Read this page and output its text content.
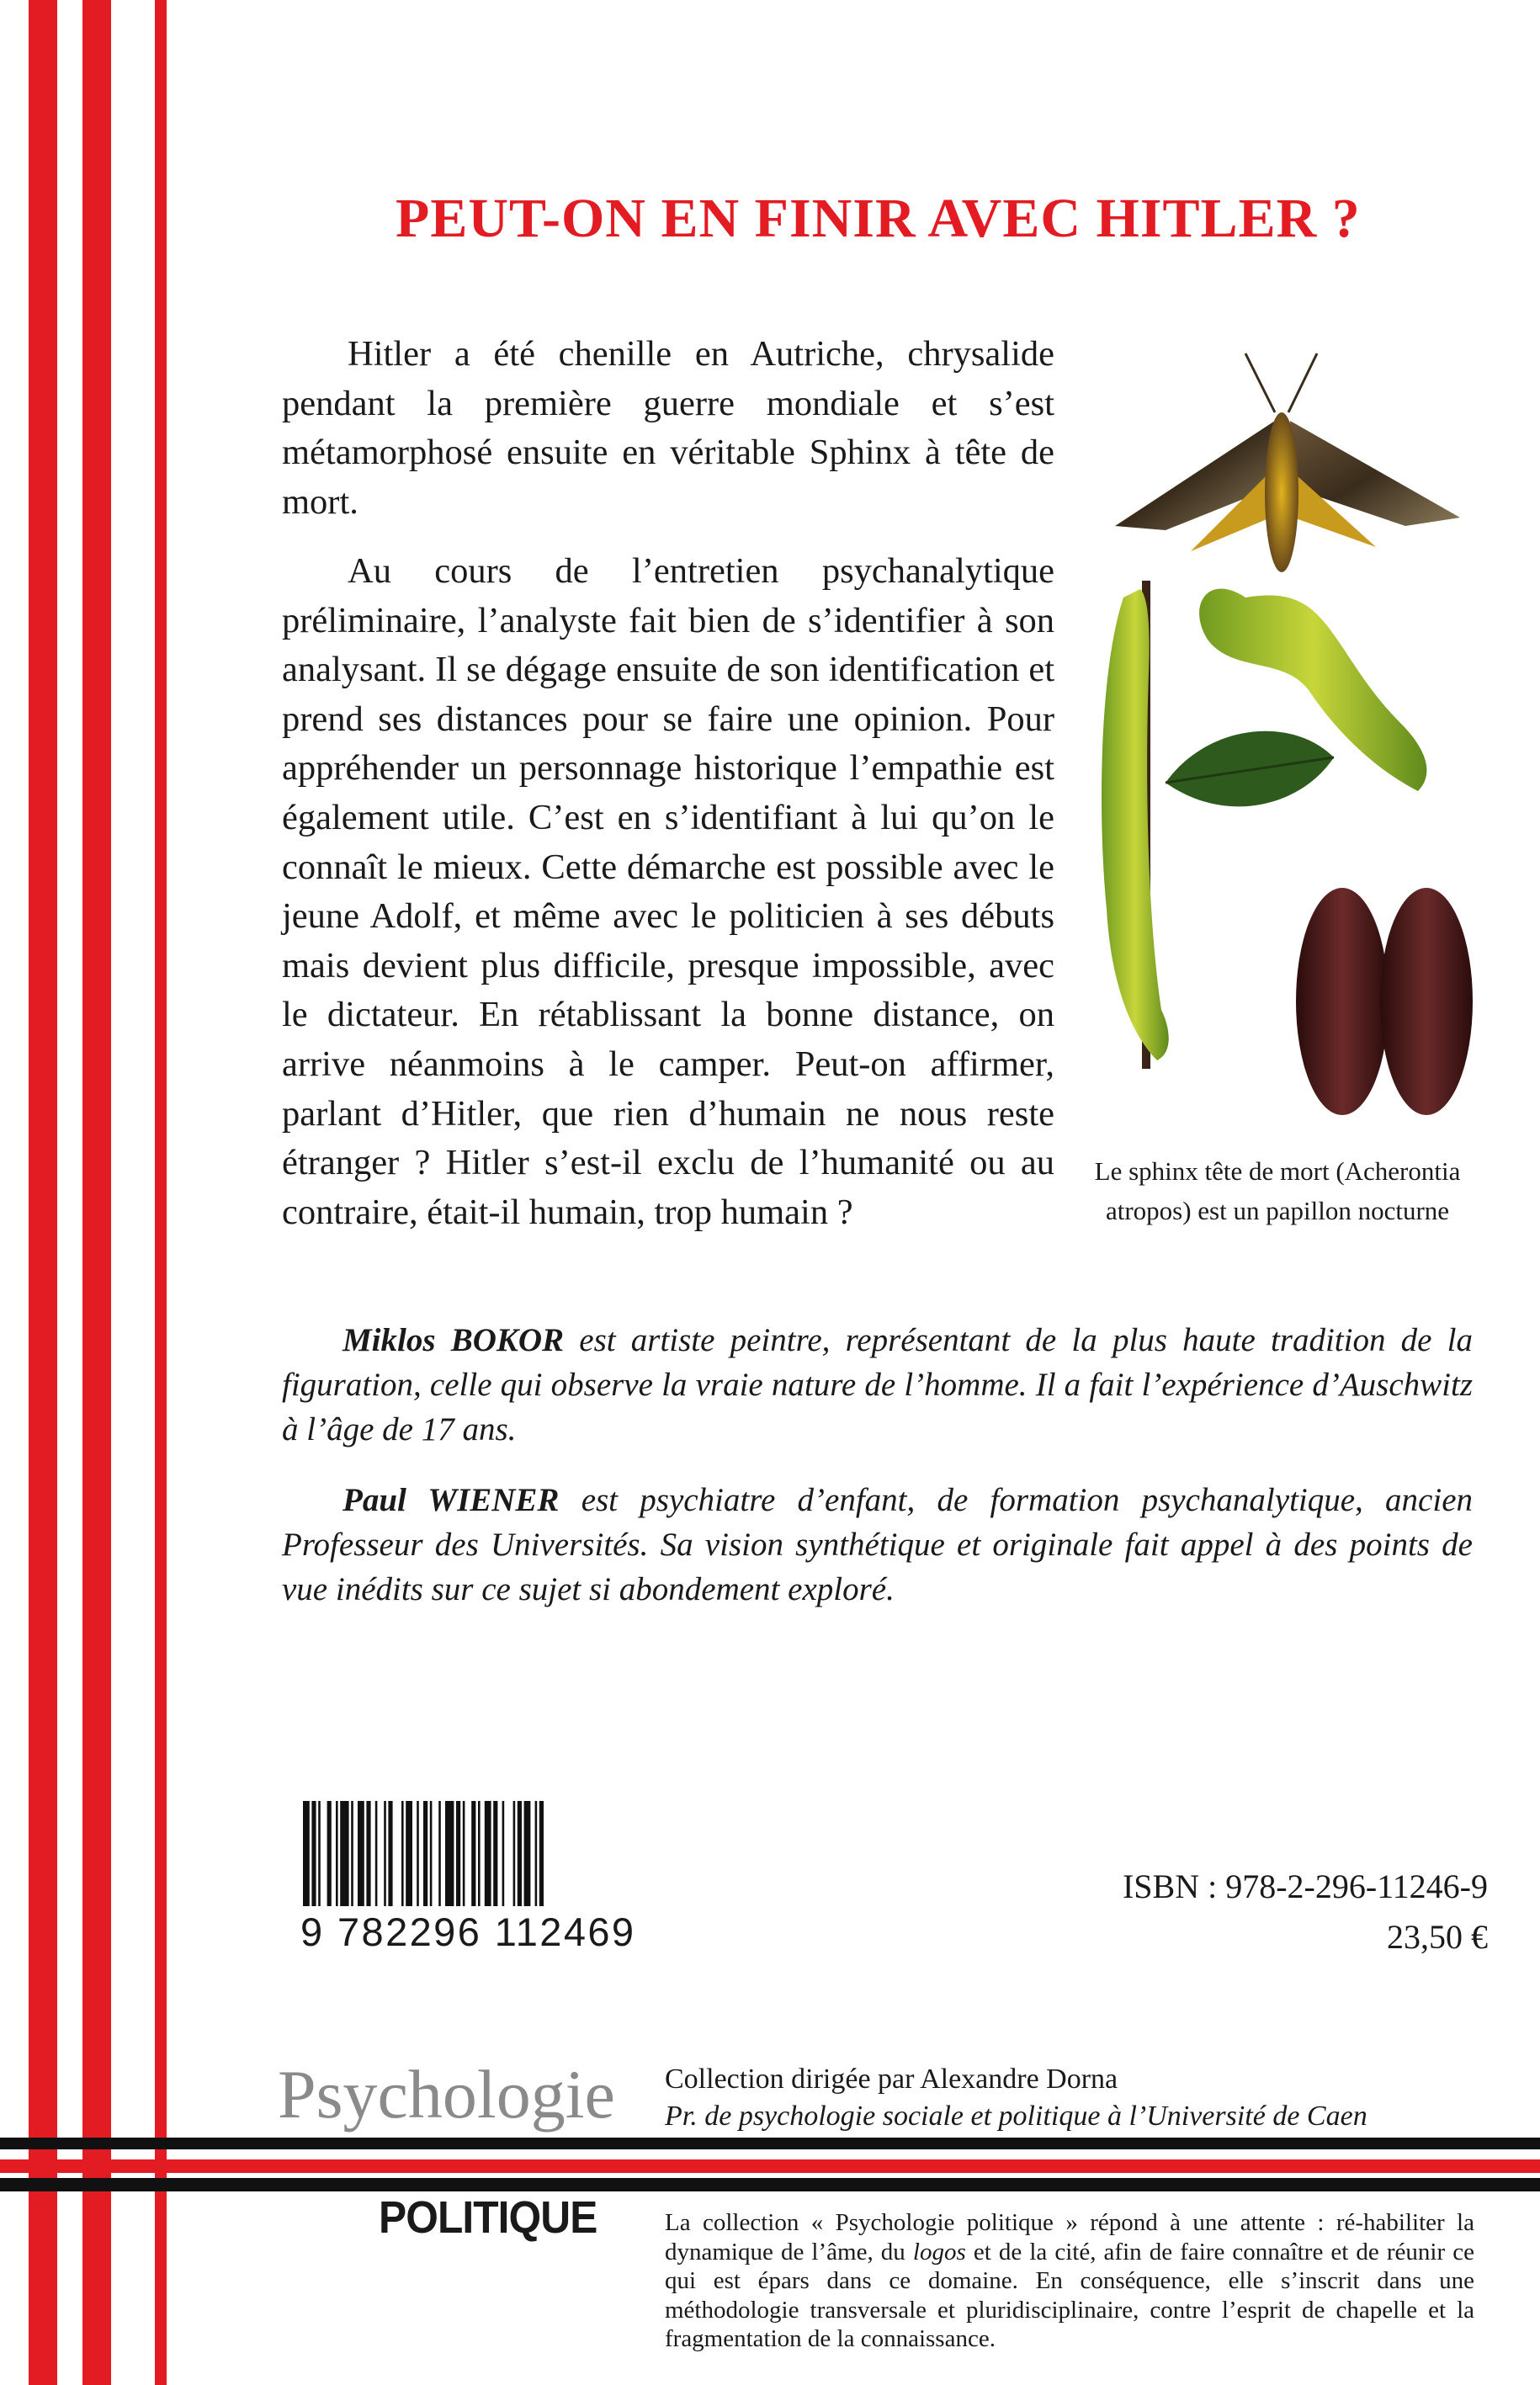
PEUT-ON EN FINIR AVEC HITLER ?

Hitler a été chenille en Autriche, chrysalide pendant la première guerre mondiale et s’est métamorphosé ensuite en véritable Sphinx à tête de mort.

Au cours de l’entretien psychanalytique préliminaire, l’analyste fait bien de s’identifier à son analysant. Il se dégage ensuite de son identification et prend ses distances pour se faire une opinion. Pour appréhender un personnage historique l’empathie est également utile. C’est en s’identifiant à lui qu’on le connaît le mieux. Cette démarche est possible avec le jeune Adolf, et même avec le politicien à ses débuts mais devient plus difficile, presque impossible, avec le dictateur. En rétablissant la bonne distance, on arrive néanmoins à le camper. Peut-on affirmer, parlant d’Hitler, que rien d’humain ne nous reste étranger ? Hitler s’est-il exclu de l’humanité ou au contraire, était-il humain, trop humain ?

Le sphinx tête de mort (Acherontia
atropos) est un papillon nocturne

Miklos BOKOR est artiste peintre, représentant de la plus haute tradition de la figuration, celle qui observe la vraie nature de l’homme. Il a fait l’expérience d’Auschwitz à l’âge de 17 ans.

Paul WIENER est psychiatre d’enfant, de formation psychanalytique, ancien Professeur des Universités. Sa vision synthétique et originale fait appel à des points de vue inédits sur ce sujet si abondement exploré.

9 782296 112469

ISBN : 978-2-296-11246-9

23,50 €

Psychologie Collection dirigée par Alexandre Dorna

Pr. de psychologie sociale et politique à l’Université de Caen

POLITIQUE	La collection « Psychologie politique » répond à une attente : ré-habiliter la dynamique de l’âme, du logos et de la cité, afin de faire connaître et de réunir ce qui est épars dans ce domaine. En conséquence, elle s’inscrit dans une méthodologie transversale et pluridisciplinaire, contre l’esprit de chapelle et la fragmentation de la connaissance.
